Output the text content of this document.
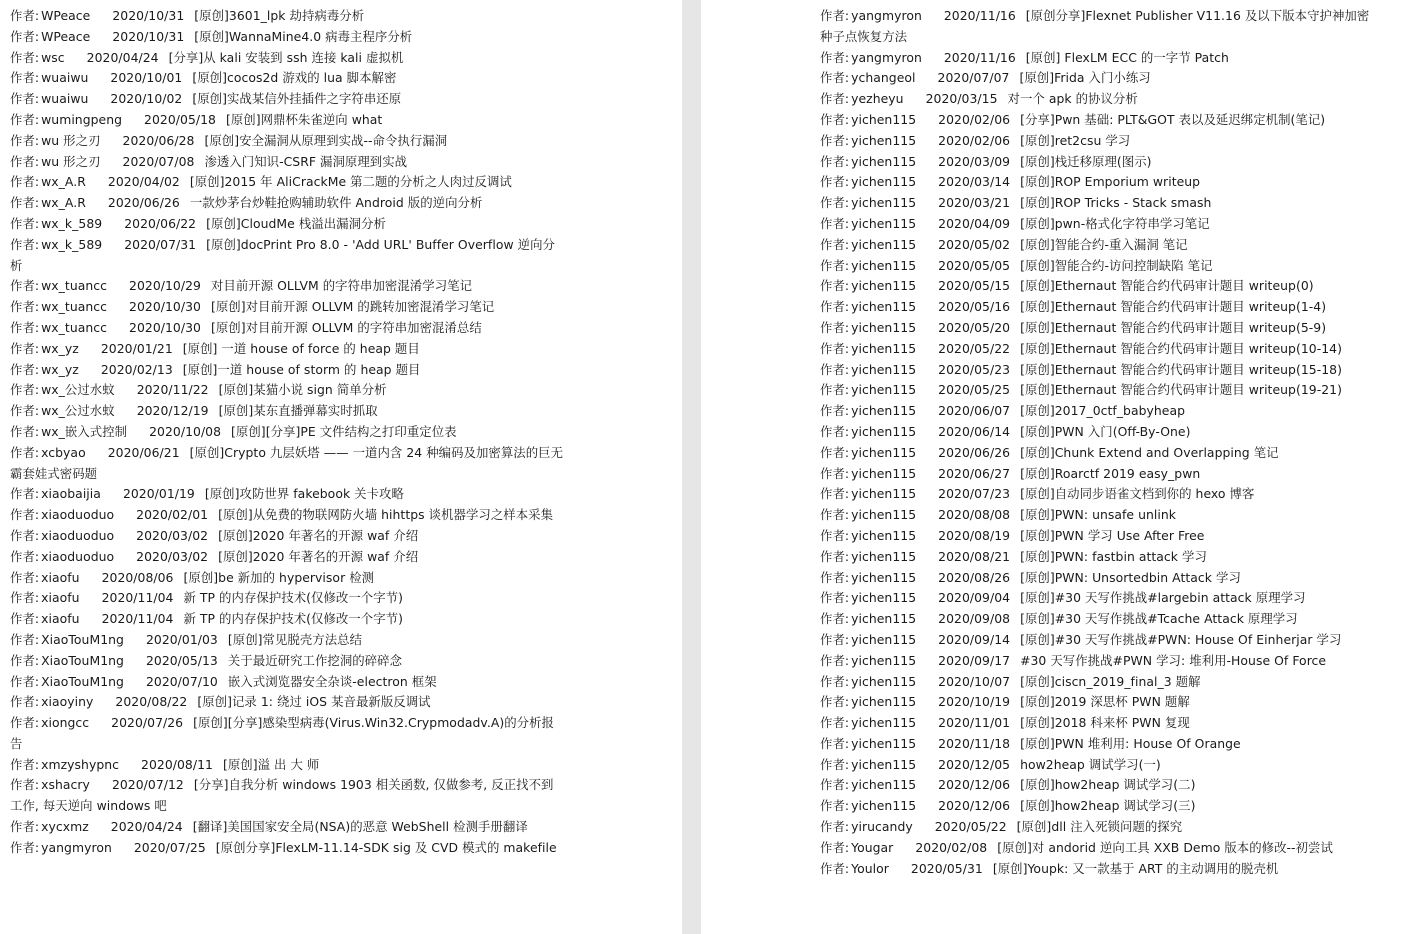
作者: WPeace 2020/10/31 [原创]3601_lpk 劫持病毒分析
作者: WPeace 2020/10/31 [原创]WannaMine4.0 病毒主程序分析
作者: wsc 2020/04/24 [分享]从 kali 安装到 ssh 连接 kali 虚拟机
作者: wuaiwu 2020/10/01 [原创]cocos2d 游戏的 lua 脚本解密
作者: wuaiwu 2020/10/02 [原创]实战某信外挂插件之字符串还原
作者: wumingpeng 2020/05/18 [原创]网鼎杯朱雀逆向 what
作者: wu 形之刃 2020/06/28 [原创]安全漏洞从原理到实战--命令执行漏洞
作者: wu 形之刃 2020/07/08 渗透入门知识-CSRF 漏洞原理到实战
作者: wx_A.R 2020/04/02 [原创]2015 年 AliCrackMe 第二题的分析之人肉过反调试
作者: wx_A.R 2020/06/26 一款炒茅台炒鞋抢购辅助软件 Android 版的逆向分析
作者: wx_k_589 2020/06/22 [原创]CloudMe 栈溢出漏洞分析
作者: wx_k_589 2020/07/31 [原创]docPrint Pro 8.0 - 'Add URL' Buffer Overflow 逆向分析
作者: wx_tuancc 2020/10/29 对目前开源 OLLVM 的字符串加密混淆学习笔记
作者: wx_tuancc 2020/10/30 [原创]对目前开源 OLLVM 的跳转加密混淆学习笔记
作者: wx_tuancc 2020/10/30 [原创]对目前开源 OLLVM 的字符串加密混淆总结
作者: wx_yz 2020/01/21 [原创] 一道 house of force 的 heap 题目
作者: wx_yz 2020/02/13 [原创]一道 house of storm 的 heap 题目
作者: wx_公过水蚊 2020/11/22 [原创]某猫小说 sign 简单分析
作者: wx_公过水蚊 2020/12/19 [原创]某东直播弹幕实时抓取
作者: wx_嵌入式控制 2020/10/08 [原创][分享]PE 文件结构之打印重定位表
作者: xcbyao 2020/06/21 [原创]Crypto 九层妖塔 —— 一道内含 24 种编码及加密算法的巨无霸套娃式密码题
作者: xiaobaijia 2020/01/19 [原创]攻防世界 fakebook 关卡攻略
作者: xiaoduoduo 2020/02/01 [原创]从免费的物联网防火墙 hihttps 谈机器学习之样本采集
作者: xiaoduoduo 2020/03/02 [原创]2020 年著名的开源 waf 介绍
作者: xiaoduoduo 2020/03/02 [原创]2020 年著名的开源 waf 介绍
作者: xiaofu 2020/08/06 [原创]be 新加的 hypervisor 检测
作者: xiaofu 2020/11/04 新 TP 的内存保护技术(仅修改一个字节)
作者: xiaofu 2020/11/04 新 TP 的内存保护技术(仅修改一个字节)
作者: XiaoTouM1ng 2020/01/03 [原创]常见脱壳方法总结
作者: XiaoTouM1ng 2020/05/13 关于最近研究工作挖洞的碎碎念
作者: XiaoTouM1ng 2020/07/10 嵌入式浏览器安全杂谈-electron 框架
作者: xiaoyiny 2020/08/22 [原创]记录 1: 绕过 iOS 某音最新版反调试
作者: xiongcc 2020/07/26 [原创][分享]感染型病毒(Virus.Win32.Crypmodadv.A)的分析报告
作者: xmzyshypnc 2020/08/11 [原创]溢 出 大 师
作者: xshacry 2020/07/12 [分享]自我分析 windows 1903 相关函数, 仅做参考, 反正找不到工作, 每天逆向 windows 吧
作者: xycxmz 2020/04/24 [翻译]美国国家安全局(NSA)的恶意 WebShell 检测手册翻译
作者: yangmyron 2020/07/25 [原创分享]FlexLM-11.14-SDK sig 及 CVD 模式的 makefile
作者: yangmyron 2020/11/16 [原创分享]Flexnet Publisher V11.16 及以下版本守护神加密种子点恢复方法
作者: yangmyron 2020/11/16 [原创] FlexLM ECC 的一字节 Patch
作者: ychangeol 2020/07/07 [原创]Frida 入门小练习
作者: yezheyu 2020/03/15 对一个 apk 的协议分析
作者: yichen115 2020/02/06 [分享]Pwn 基础: PLT&GOT 表以及延迟绑定机制(笔记)
作者: yichen115 2020/02/06 [原创]ret2csu 学习
作者: yichen115 2020/03/09 [原创]栈迁移原理(图示)
作者: yichen115 2020/03/14 [原创]ROP Emporium writeup
作者: yichen115 2020/03/21 [原创]ROP Tricks - Stack smash
作者: yichen115 2020/04/09 [原创]pwn-格式化字符串学习笔记
作者: yichen115 2020/05/02 [原创]智能合约-重入漏洞 笔记
作者: yichen115 2020/05/05 [原创]智能合约-访问控制缺陷 笔记
作者: yichen115 2020/05/15 [原创]Ethernaut 智能合约代码审计题目 writeup(0)
作者: yichen115 2020/05/16 [原创]Ethernaut 智能合约代码审计题目 writeup(1-4)
作者: yichen115 2020/05/20 [原创]Ethernaut 智能合约代码审计题目 writeup(5-9)
作者: yichen115 2020/05/22 [原创]Ethernaut 智能合约代码审计题目 writeup(10-14)
作者: yichen115 2020/05/23 [原创]Ethernaut 智能合约代码审计题目 writeup(15-18)
作者: yichen115 2020/05/25 [原创]Ethernaut 智能合约代码审计题目 writeup(19-21)
作者: yichen115 2020/06/07 [原创]2017_0ctf_babyheap
作者: yichen115 2020/06/14 [原创]PWN 入门(Off-By-One)
作者: yichen115 2020/06/26 [原创]Chunk Extend and Overlapping 笔记
作者: yichen115 2020/06/27 [原创]Roarctf 2019 easy_pwn
作者: yichen115 2020/07/23 [原创]自动同步语雀文档到你的 hexo 博客
作者: yichen115 2020/08/08 [原创]PWN: unsafe unlink
作者: yichen115 2020/08/19 [原创]PWN 学习 Use After Free
作者: yichen115 2020/08/21 [原创]PWN: fastbin attack 学习
作者: yichen115 2020/08/26 [原创]PWN: Unsortedbin Attack 学习
作者: yichen115 2020/09/04 [原创]#30 天写作挑战#largebin attack 原理学习
作者: yichen115 2020/09/08 [原创]#30 天写作挑战#Tcache Attack 原理学习
作者: yichen115 2020/09/14 [原创]#30 天写作挑战#PWN: House Of Einherjar 学习
作者: yichen115 2020/09/17 #30 天写作挑战#PWN 学习: 堆利用-House Of Force
作者: yichen115 2020/10/07 [原创]ciscn_2019_final_3 题解
作者: yichen115 2020/10/19 [原创]2019 深思杯 PWN 题解
作者: yichen115 2020/11/01 [原创]2018 科来杯 PWN 复现
作者: yichen115 2020/11/18 [原创]PWN 堆利用: House Of Orange
作者: yichen115 2020/12/05 how2heap 调试学习(一)
作者: yichen115 2020/12/06 [原创]how2heap 调试学习(二)
作者: yichen115 2020/12/06 [原创]how2heap 调试学习(三)
作者: yirucandy 2020/05/22 [原创]dll 注入死锁问题的探究
作者: Yougar 2020/02/08 [原创]对 andorid 逆向工具 XXB Demo 版本的修改--初尝试
作者: Youlor 2020/05/31 [原创]Youpk: 又一款基于 ART 的主动调用的脱壳机
